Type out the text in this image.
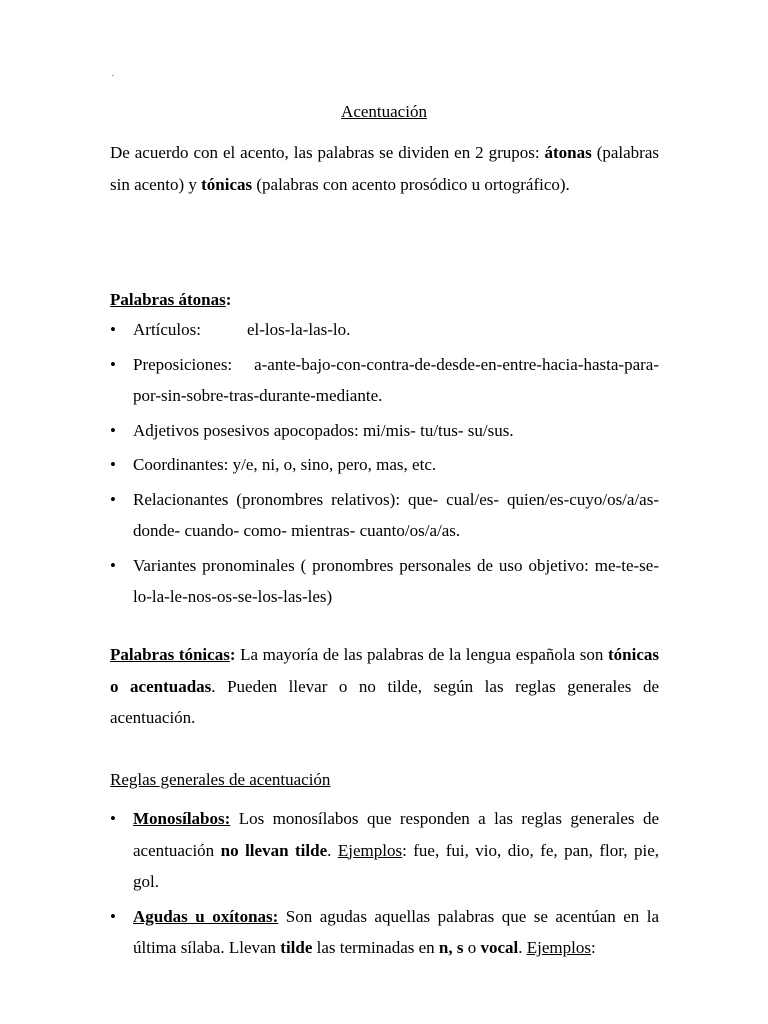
.
Acentuación
De acuerdo con el acento, las palabras se dividen en 2 grupos: átonas (palabras sin acento) y tónicas (palabras con acento prosódico u ortográfico).
Palabras átonas:
•	Artículos:	el-los-la-las-lo.
•	Preposiciones: a-ante-bajo-con-contra-de-desde-en-entre-hacia-hasta-para-por-sin-sobre-tras-durante-mediante.
•	Adjetivos posesivos apocopados: mi/mis- tu/tus- su/sus.
•	Coordinantes: y/e, ni, o, sino, pero, mas, etc.
•	Relacionantes (pronombres relativos): que- cual/es- quien/es-cuyo/os/a/as- donde- cuando- como- mientras- cuanto/os/a/as.
•	Variantes pronominales ( pronombres personales de uso objetivo: me-te-se-lo-la-le-nos-os-se-los-las-les)
Palabras tónicas: La mayoría de las palabras de la lengua española son tónicas o acentuadas. Pueden llevar o no tilde, según las reglas generales de acentuación.
Reglas generales de acentuación
•	Monosílabos: Los monosílabos que responden a las reglas generales de acentuación no llevan tilde. Ejemplos: fue, fui, vio, dio, fe, pan, flor, pie, gol.
•	Agudas u oxítonas: Son agudas aquellas palabras que se acentúan en la última sílaba. Llevan tilde las terminadas en n, s o vocal. Ejemplos:
